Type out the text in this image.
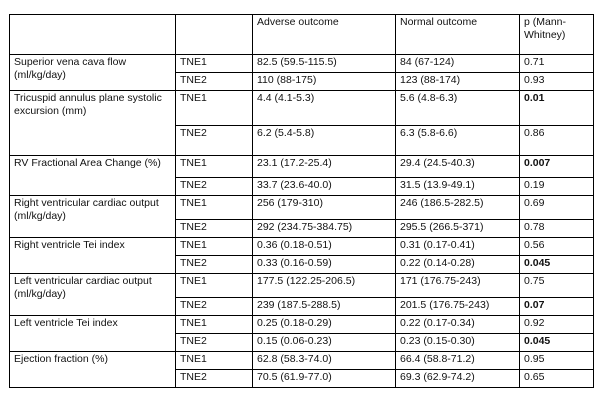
		Adverse outcome	Normal outcome	p (Mann-Whitney)
Superior vena cava flow (ml/kg/day)	TNE1	82.5 (59.5-115.5)	84 (67-124)	0.71
	TNE2	110 (88-175)	123 (88-174)	0.93
Tricuspid annulus plane systolic excursion (mm)	TNE1	4.4 (4.1-5.3)	5.6 (4.8-6.3)	0.01
	TNE2	6.2 (5.4-5.8)	6.3 (5.8-6.6)	0.86
RV Fractional Area Change (%)	TNE1	23.1 (17.2-25.4)	29.4 (24.5-40.3)	0.007
	TNE2	33.7 (23.6-40.0)	31.5 (13.9-49.1)	0.19
Right ventricular cardiac output (ml/kg/day)	TNE1	256 (179-310)	246 (186.5-282.5)	0.69
	TNE2	292 (234.75-384.75)	295.5 (266.5-371)	0.78
Right ventricle Tei index	TNE1	0.36 (0.18-0.51)	0.31 (0.17-0.41)	0.56
	TNE2	0.33 (0.16-0.59)	0.22 (0.14-0.28)	0.045
Left ventricular cardiac output (ml/kg/day)	TNE1	177.5 (122.25-206.5)	171 (176.75-243)	0.75
	TNE2	239 (187.5-288.5)	201.5 (176.75-243)	0.07
Left ventricle Tei index	TNE1	0.25 (0.18-0.29)	0.22 (0.17-0.34)	0.92
	TNE2	0.15 (0.06-0.23)	0.23 (0.15-0.30)	0.045
Ejection fraction (%)	TNE1	62.8 (58.3-74.0)	66.4 (58.8-71.2)	0.95
	TNE2	70.5 (61.9-77.0)	69.3 (62.9-74.2)	0.65
